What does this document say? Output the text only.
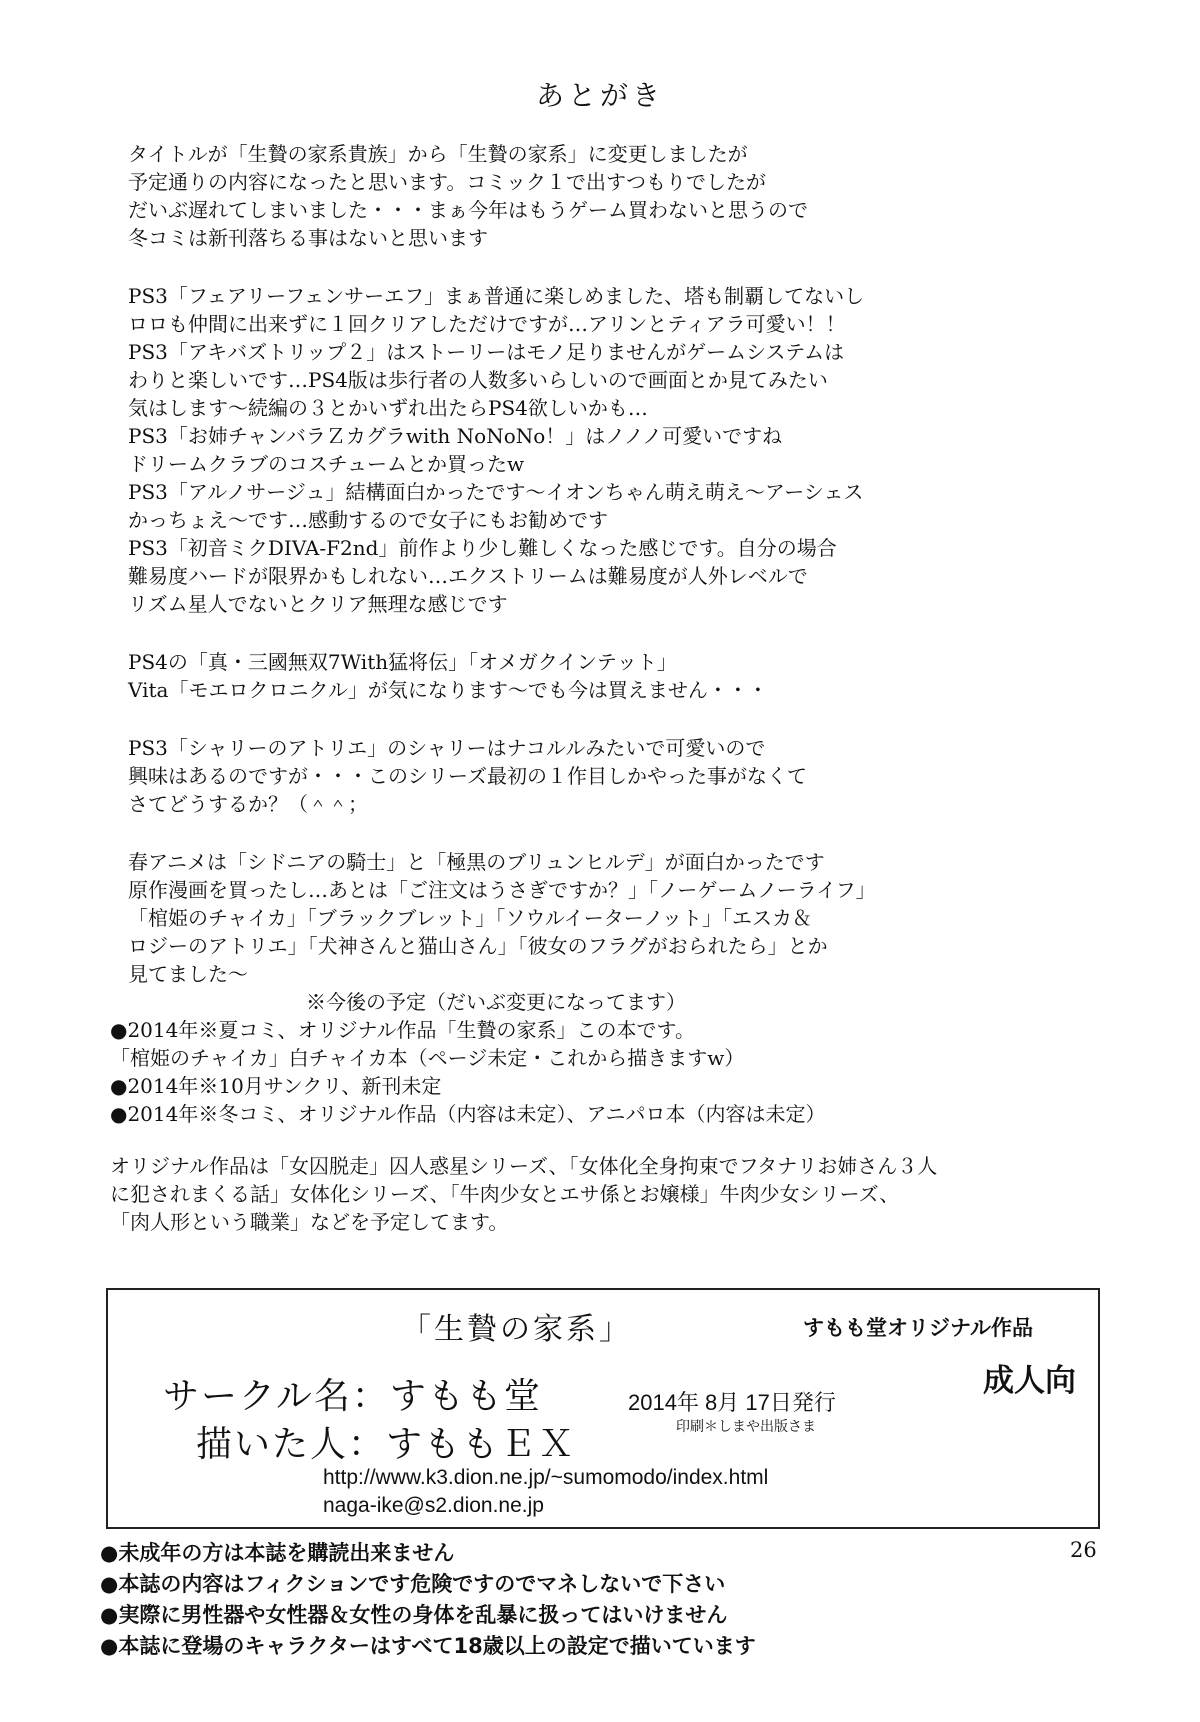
あとがき
タイトルが「生贄の家系貴族」から「生贄の家系」に変更しましたが
予定通りの内容になったと思います。コミック１で出すつもりでしたが
だいぶ遅れてしまいました・・・まぁ今年はもうゲーム買わないと思うので
冬コミは新刊落ちる事はないと思います
PS3「フェアリーフェンサーエフ」まぁ普通に楽しめました、塔も制覇してないし
ロロも仲間に出来ずに１回クリアしただけですが…アリンとティアラ可愛い！！
PS3「アキバズトリップ２」はストーリーはモノ足りませんがゲームシステムは
わりと楽しいです…PS4版は歩行者の人数多いらしいので画面とか見てみたい
気はします～続編の３とかいずれ出たらPS4欲しいかも…
PS3「お姉チャンバラＺカグラwith NoNoNo！」はノノノ可愛いですね
ドリームクラブのコスチュームとか買ったw
PS3「アルノサージュ」結構面白かったです～イオンちゃん萌え萌え～アーシェス
かっちょえ～です…感動するので女子にもお勧めです
PS3「初音ミクDIVA-F2nd」前作より少し難しくなった感じです。自分の場合
難易度ハードが限界かもしれない…エクストリームは難易度が人外レベルで
リズム星人でないとクリア無理な感じです
PS4の「真・三國無双7With猛将伝」「オメガクインテット」
Vita「モエロクロニクル」が気になります～でも今は買えません・・・
PS3「シャリーのアトリエ」のシャリーはナコルルみたいで可愛いので
興味はあるのですが・・・このシリーズ最初の１作目しかやった事がなくて
さてどうするか？（＾＾；
春アニメは「シドニアの騎士」と「極黒のブリュンヒルデ」が面白かったです
原作漫画を買ったし…あとは「ご注文はうさぎですか？」「ノーゲームノーライフ」
「棺姫のチャイカ」「ブラックブレット」「ソウルイーターノット」「エスカ＆
ロジーのアトリエ」「犬神さんと猫山さん」「彼女のフラグがおられたら」とか
見てました～
※今後の予定（だいぶ変更になってます）
●2014年※夏コミ、オリジナル作品「生贄の家系」この本です。
「棺姫のチャイカ」白チャイカ本（ページ未定・これから描きますw）
●2014年※10月サンクリ、新刊未定
●2014年※冬コミ、オリジナル作品（内容は未定）、アニパロ本（内容は未定）
オリジナル作品は「女囚脱走」囚人惑星シリーズ、「女体化全身拘束でフタナリお姉さん３人
に犯されまくる話」女体化シリーズ、「牛肉少女とエサ係とお嬢様」牛肉少女シリーズ、
「肉人形という職業」などを予定してます。
「生贄の家系」	すもも堂オリジナル作品
成人向
サークル名：すもも堂
描いた人：すももＥＸ
2014年 8月 17日発行
印刷＊しまや出版さま
http://www.k3.dion.ne.jp/~sumomodo/index.html
naga-ike@s2.dion.ne.jp
26
●未成年の方は本誌を購読出来ません
●本誌の内容はフィクションです危険ですのでマネしないで下さい
●実際に男性器や女性器＆女性の身体を乱暴に扱ってはいけません
●本誌に登場のキャラクターはすべて18歳以上の設定で描いています
